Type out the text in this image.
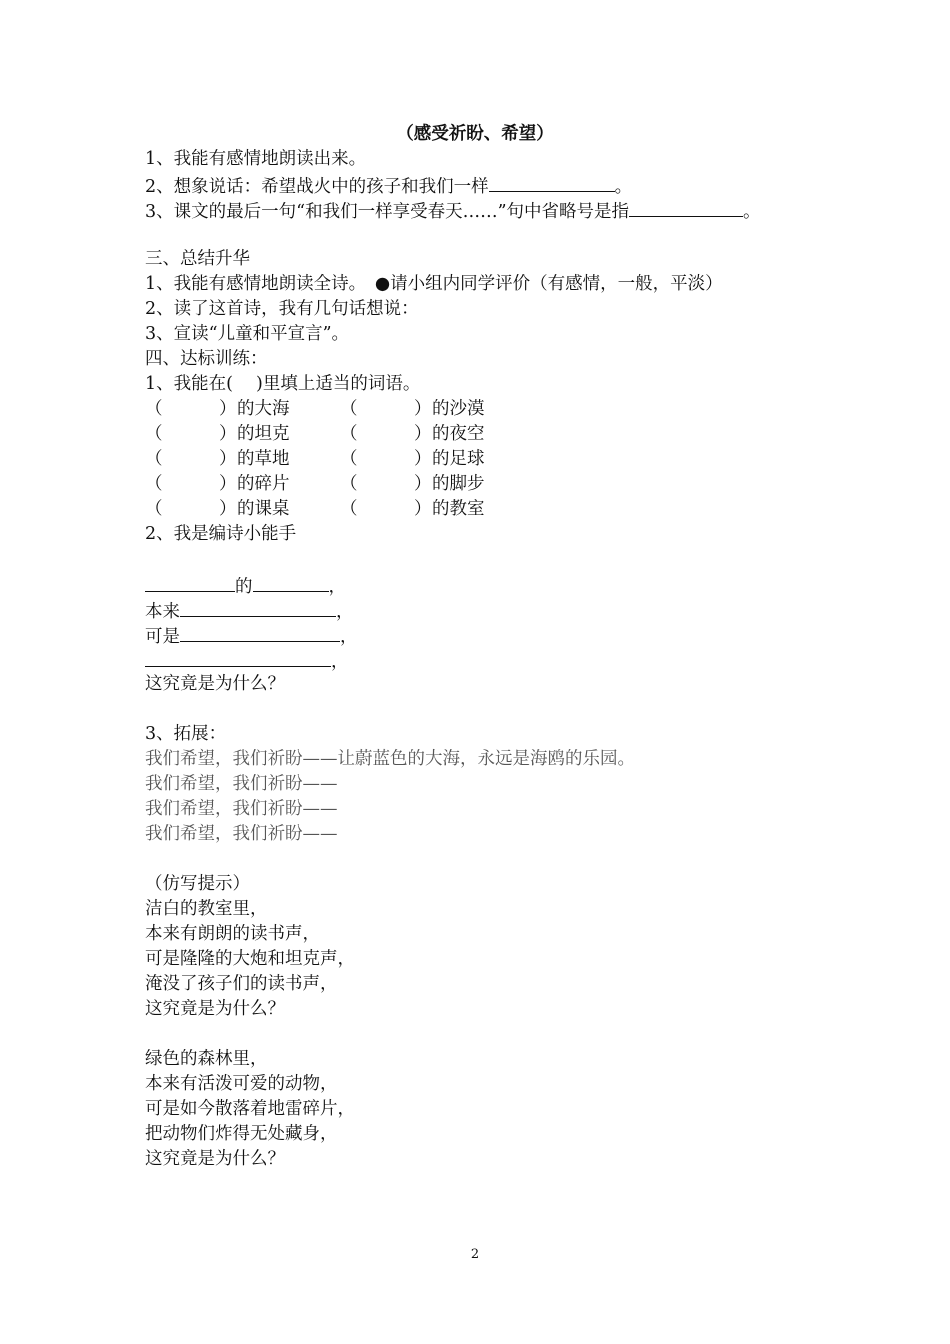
（感受祈盼、希望）
1、我能有感情地朗读出来。
2、想象说话：希望战火中的孩子和我们一样	。
3、课文的最后一句“和我们一样享受春天……”句中省略号是指	。
三、总结升华
1、我能有感情地朗读全诗。　●请小组内同学评价（有感情，一般，平淡）
2、读了这首诗，我有几句话想说：
3、宣读“儿童和平宣言”。
四、达标训练：
1、我能在(　 )里填上适当的词语。
（	）的大海	（	）的沙漠
（	）的坦克	（	）的夜空
（	）的草地	（	）的足球
（	）的碎片	（	）的脚步
（	）的课桌	（	）的教室
2、我是编诗小能手
的	，
本来	，
可是	，
，
这究竟是为什么？
3、拓展：
我们希望，我们祈盼——让蔚蓝色的大海，永远是海鸥的乐园。
我们希望，我们祈盼——
我们希望，我们祈盼——
我们希望，我们祈盼——
（仿写提示）
洁白的教室里，
本来有朗朗的读书声，
可是隆隆的大炮和坦克声，
淹没了孩子们的读书声，
这究竟是为什么？
绿色的森林里，
本来有活泼可爱的动物，
可是如今散落着地雷碎片，
把动物们炸得无处藏身，
这究竟是为什么？
2
